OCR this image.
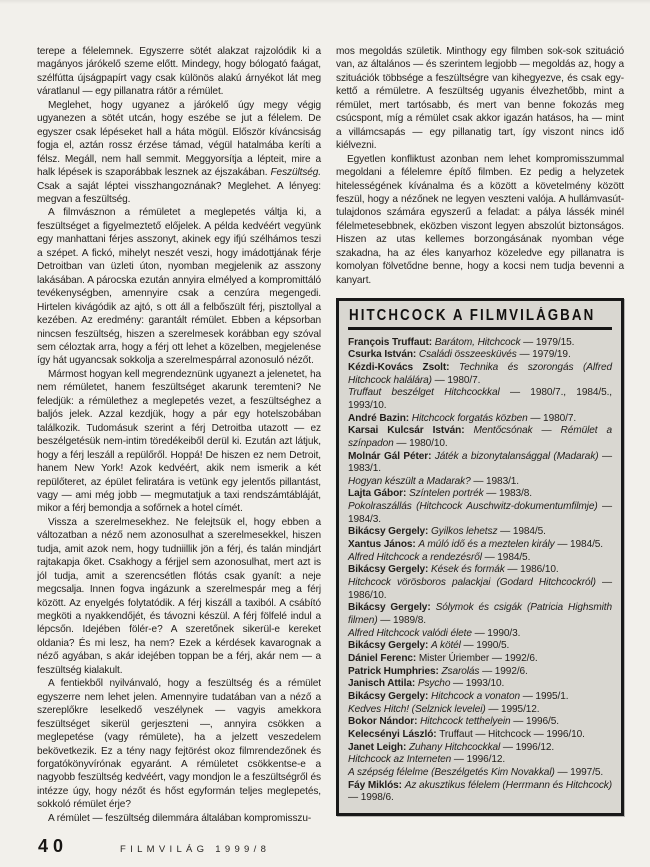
terepe a félelemnek. Egyszerre sötét alakzat rajzolódik ki a magányos járókelő szeme előtt. Mindegy, hogy bólogató faágat, szélfútta újságpapírt vagy csak különös alakú árnyékot lát meg váratlanul — egy pillanatra rátör a rémület.

Meglehet, hogy ugyanez a járókelő úgy megy végig ugyanezen a sötét utcán, hogy eszébe se jut a félelem. De egyszer csak lépéseket hall a háta mögül. Először kíváncsiság fogja el, aztán rossz érzése támad, végül hatalmába keríti a félsz. Megáll, nem hall semmit. Meggyorsítja a lépteit, mire a halk lépések is szaporábbak lesznek az éjszakában. Feszültség. Csak a saját léptei visszhangoznának? Meglehet. A lényeg: megvan a feszültség.

A filmvásznon a rémületet a meglepetés váltja ki, a feszültséget a figyelmeztető előjelek. A példa kedvéért vegyünk egy manhattani férjes asszonyt, akinek egy ifjú szélhámos teszi a szépet. A fickó, mihelyt neszét veszi, hogy imádottjának férje Detroitban van üzleti úton, nyomban megjelenik az asszony lakásában. A párocska ezután annyira elmélyed a kompromittáló tevékenységben, amennyire csak a cenzúra megengedi. Hirtelen kivágódik az ajtó, s ott áll a felbőszült férj, pisztollyal a kezében. Az eredmény: garantált rémület. Ebben a képsorban nincsen feszültség, hiszen a szerelmesek korábban egy szóval sem céloztak arra, hogy a férj ott lehet a közelben, megjelenése így hát ugyancsak sokkolja a szerelmespárral azonosuló nézőt.

Mármost hogyan kell megrendeznünk ugyanezt a jelenetet, ha nem rémületet, hanem feszültséget akarunk teremteni? Ne feledjük: a rémülethez a meglepetés vezet, a feszültséghez a baljós jelek. Azzal kezdjük, hogy a pár egy hotelszobában találkozik. Tudomásuk szerint a férj Detroitba utazott — ez beszélgetésük nem-intim töredékeiből derül ki. Ezután azt látjuk, hogy a férj leszáll a repülőről. Hoppá! De hiszen ez nem Detroit, hanem New York! Azok kedvéért, akik nem ismerik a két repülőteret, az épület feliratára is vetünk egy jelentős pillantást, vagy — ami még jobb — megmutatjuk a taxi rendszámtábláját, mikor a férj bemondja a sofőrnek a hotel címét.

Vissza a szerelmesekhez. Ne felejtsük el, hogy ebben a változatban a néző nem azonosulhat a szerelmesekkel, hiszen tudja, amit azok nem, hogy tudniillik jön a férj, és talán mindjárt rajtakapja őket. Csakhogy a férjjel sem azonosulhat, mert azt is jól tudja, amit a szerencsétlen flótás csak gyanít: a neje megcsalja. Innen fogva ingázunk a szerelmespár meg a férj között. Az enyelgés folytatódik. A férj kiszáll a taxiból. A csábító megköti a nyakkendőjét, és távozni készül. A férj fölfelé indul a lépcsőn. Idejében fölér-e? A szeretőnek sikerül-e kereket oldania? És mi lesz, ha nem? Ezek a kérdések kavarognak a néző agyában, s akár idejében toppan be a férj, akár nem — a feszültség kialakult.

A fentiekből nyilvánvaló, hogy a feszültség és a rémület egyszerre nem lehet jelen. Amennyire tudatában van a néző a szereplőkre leselkedő veszélynek — vagyis amekkora feszültséget sikerül gerjeszteni —, annyira csökken a meglepetése (vagy rémülete), ha a jelzett veszedelem bekövetkezik. Ez a tény nagy fejtörést okoz filmrendezőnek és forgatókönyvírónak egyaránt. A rémületet csökkentse-e a nagyobb feszültség kedvéért, vagy mondjon le a feszültségről és intézze úgy, hogy nézőt és hőst egyformán teljes meglepetés, sokkoló rémület érje?

A rémület — feszültség dilemmára általában kompromisszu-

mos megoldás születik. Minthogy egy filmben sok-sok szituáció van, az általános — és szerintem legjobb — megoldás az, hogy a szituációk többsége a feszültségre van kihegyezve, és csak egy-kettő a rémületre. A feszültség ugyanis élvezhetőbb, mint a rémület, mert tartósabb, és mert van benne fokozás meg csúcspont, míg a rémület csak akkor igazán hatásos, ha — mint a villámcsapás — egy pillanatig tart, így viszont nincs idő kiélvezni.

Egyetlen konfliktust azonban nem lehet kompromisszummal megoldani a félelemre építő filmben. Ez pedig a helyzetek hitelességének kívánalma és a között a követelmény között feszül, hogy a nézőnek ne legyen veszteni valója. A hullámvasút-tulajdonos számára egyszerű a feladat: a pálya lássék minél félelmetesebbnek, eközben viszont legyen abszolút biztonságos. Hiszen az utas kellemes borzongásának nyomban vége szakadna, ha az éles kanyarhoz közeledve egy pillanatra is komolyan fölvetődne benne, hogy a kocsi nem tudja bevenni a kanyart.

HITCHCOCK A FILMVILÁGBAN

François Truffaut: Barátom, Hitchcock — 1979/15.

Csurka István: Családi összeesküvés — 1979/19.

Kézdi-Kovács Zsolt: Technika és szorongás (Alfred Hitchcock halálára) — 1980/7.

Truffaut beszélget Hitchcockkal — 1980/7., 1984/5., 1993/10.

André Bazin: Hitchcock forgatás közben — 1980/7.

Karsai Kulcsár István: Mentőcsónak — Rémület a színpadon — 1980/10.

Molnár Gál Péter: Játék a bizonytalansággal (Madarak) — 1983/1.

Hogyan készült a Madarak? — 1983/1.

Lajta Gábor: Színtelen portrék — 1983/8.

Pokolraszállás (Hitchcock Auschwitz-dokumentumfilmje) — 1984/3.

Bikácsy Gergely: Gyilkos lehetsz — 1984/5.

Xantus János: A múló idő és a meztelen király — 1984/5.

Alfred Hitchcock a rendezésről — 1984/5.

Bikácsy Gergely: Kések és formák — 1986/10.

Hitchcock vörösboros palackjai (Godard Hitchcockról) — 1986/10.

Bikácsy Gergely: Sólymok és csigák (Patricia Highsmith filmen) — 1989/8.

Alfred Hitchcock valódi élete — 1990/3.

Bikácsy Gergely: A kötél — 1990/5.

Dániel Ferenc: Mister Úriember — 1992/6.

Patrick Humphries: Zsarolás — 1992/6.

Janisch Attila: Psycho — 1993/10.

Bikácsy Gergely: Hitchcock a vonaton — 1995/1.

Kedves Hitch! (Selznick levelei) — 1995/12.

Bokor Nándor: Hitchcock tetthelyein — 1996/5.

Kelecsényi László: Truffaut — Hitchcock — 1996/10.

Janet Leigh: Zuhany Hitchcockkal — 1996/12.

Hitchcock az Interneten — 1996/12.

A szépség félelme (Beszélgetés Kim Novakkal) — 1997/5.

Fáy Miklós: Az akusztikus félelem (Herrmann és Hitchcock) — 1998/6.

40	FILMVILÁG 1999/8
